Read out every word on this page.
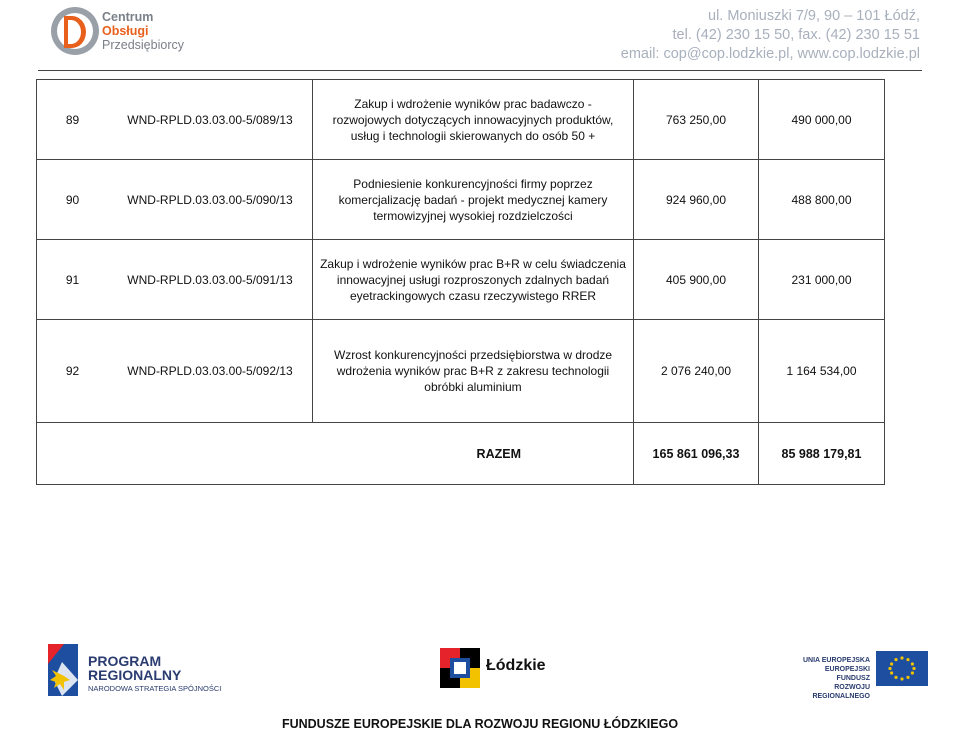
Centrum
Obsługi
Przedsiębiorcy
ul. Moniuszki 7/9, 90 – 101 Łódź,
tel. (42) 230 15 50, fax. (42) 230 15 51
email: cop@cop.lodzkie.pl, www.cop.lodzkie.pl
89	WND-RPLD.03.03.00-5/089/13	Zakup i wdrożenie wyników prac badawczo - rozwojowych dotyczących innowacyjnych produktów, usług i technologii skierowanych do osób 50 +	763 250,00	490 000,00
90	WND-RPLD.03.03.00-5/090/13	Podniesienie konkurencyjności firmy poprzez komercjalizację badań - projekt medycznej kamery termowizyjnej wysokiej rozdzielczości	924 960,00	488 800,00
91	WND-RPLD.03.03.00-5/091/13	Zakup i wdrożenie wyników prac B+R w celu świadczenia innowacyjnej usługi rozproszonych zdalnych badań eyetrackingowych czasu rzeczywistego RRER	405 900,00	231 000,00
92	WND-RPLD.03.03.00-5/092/13	Wzrost konkurencyjności przedsiębiorstwa w drodze wdrożenia wyników prac B+R z zakresu technologii obróbki aluminium	2 076 240,00	1 164 534,00
RAZEM			165 861 096,33	85 988 179,81
PROGRAM
REGIONALNY
NARODOWA STRATEGIA SPÓJNOŚCI
Łódzkie	UNIA EUROPEJSKA
EUROPEJSKI FUNDUSZ
ROZWOJU REGIONALNEGO
FUNDUSZE EUROPEJSKIE DLA ROZWOJU REGIONU ŁÓDZKIEGO
